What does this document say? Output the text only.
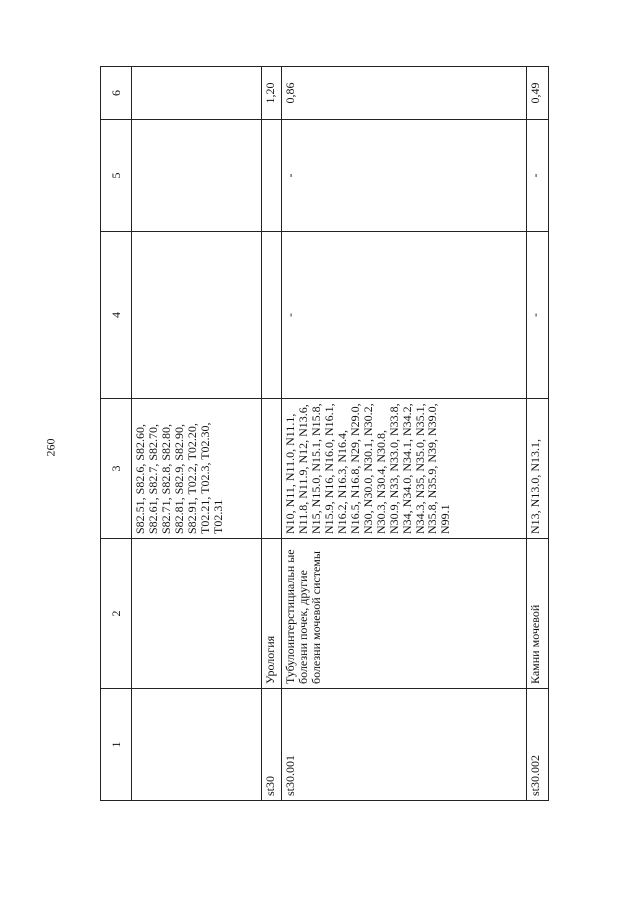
260
1	2	3	4	5	6
		S82.51, S82.6, S82.60, S82.61, S82.7, S82.70, S82.71, S82.8, S82.80, S82.81, S82.9, S82.90, S82.91, T02.2, T02.20, T02.21, T02.3, T02.30, T02.31			
st30	Урология				1,20
st30.001	Тубулоинтерстициальн ые болезни почек, другие болезни мочевой системы	N10, N11, N11.0, N11.1, N11.8, N11.9, N12, N13.6, N15, N15.0, N15.1, N15.8, N15.9, N16, N16.0, N16.1, N16.2, N16.3, N16.4, N16.5, N16.8, N29, N29.0, N30, N30.0, N30.1, N30.2, N30.3, N30.4, N30.8, N30.9, N33, N33.0, N33.8, N34, N34.0, N34.1, N34.2, N34.3, N35, N35.0, N35.1, N35.8, N35.9, N39, N39.0, N99.1	-	-	0,86
st30.002	Камни мочевой	N13, N13.0, N13.1,	-	-	0,49
